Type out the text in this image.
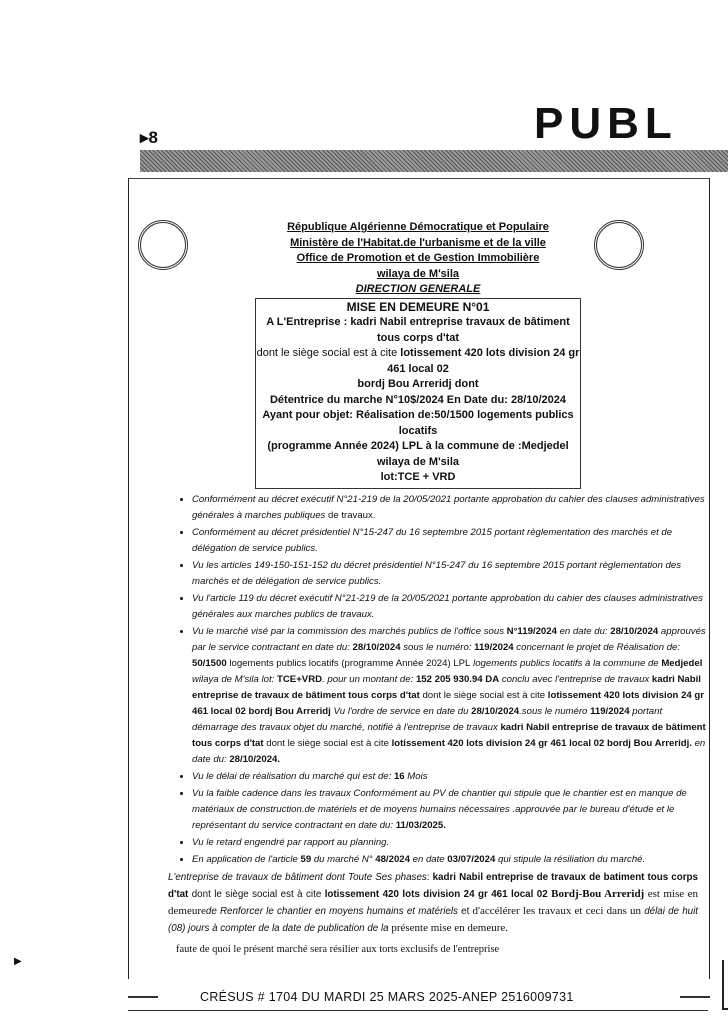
▸8	PUBL
République Algérienne Démocratique et Populaire
Ministère de l'Habitat.de l'urbanisme et de la ville
Office de Promotion et de Gestion Immobilière
wilaya de M'sila
DIRECTION GENERALE
MISE EN DEMEURE N°01
A L'Entreprise : kadri Nabil entreprise travaux de bâtiment tous corps d'tat
dont le siège social est à cite lotissement 420 lots division 24 gr 461 local 02
bordj Bou Arreridj dont
Détentrice du marche N°10$/2024 En Date du: 28/10/2024
Ayant pour objet: Réalisation de:50/1500 logements publics locatifs
(programme Année 2024) LPL à la commune de :Medjedel wilaya de M'sila
lot:TCE + VRD
• Conformément au décret exécutif N°21-219 de la 20/05/2021 portante approbation du cahier des clauses administratives générales à marches publiques de travaux.
• Conformément au décret présidentiel N°15-247 du 16 septembre 2015 portant règlementation des marchés et de délégation de service publics.
• Vu les articles 149-150-151-152 du décret présidentiel N°15-247 du 16 septembre 2015 portant règlementation des marchés et de délégation de service publics.
• Vu l'article 119 du décret exécutif N°21-219 de la 20/05/2021 portante approbation du cahier des clauses administratives générales aux marches publics de travaux.
• Vu le marché visé par la commission des marchés publics de l'office sous N°119/2024 en date du: 28/10/2024 approuvés par le service contractant en date du: 28/10/2024 sous le numéro: 119/2024 concernant le projet de Réalisation de: 50/1500 logements publics locatifs (programme Année 2024) LPL logements publics locatifs à la commune de Medjedel wilaya de M'sila lot: TCE+VRD. pour un montant de: 152 205 930.94 DA conclu avec l'entreprise de travaux kadri Nabil entreprise de travaux de bâtiment tous corps d'tat dont le siège social est à cite lotissement 420 lots division 24 gr 461 local 02 bordj Bou Arreridj Vu l'ordre de service en date du 28/10/2024.sous le numéro 119/2024 portant démarrage des travaux objet du marché, notifié à l'entreprise de travaux kadri Nabil entreprise de travaux de bâtiment tous corps d'tat dont le siège social est à cite lotissement 420 lots division 24 gr 461 local 02 bordj Bou Arreridj. en date du: 28/10/2024.
• Vu le délai de réalisation du marché qui est de: 16 Mois
• Vu la faible cadence dans les travaux Conformément au PV de chantier qui stipule que le chantier est en manque de matériaux de construction.de matériels et de moyens humains nécessaires .approuvée par le bureau d'étude et le représentant du service contractant en date du: 11/03/2025.
• Vu le retard engendré par rapport au planning.
• En application de l'article 59 du marché N° 48/2024 en date 03/07/2024 qui stipule la résiliation du marché.
L'entreprise de travaux de bâtiment dont Toute Ses phases: kadri Nabil entreprise de travaux de batiment tous corps d'tat dont le siège social est à cite lotissement 420 lots division 24 gr 461 local 02 Bordj-Bou Arreridj est mise en demeurede Renforcer le chantier en moyens humains et matériels et d'accélérer les travaux et ceci dans un délai de huit (08) jours à compter de la date de publication de la présente mise en demeure.
faute de quoi le présent marché sera résilier aux torts exclusifs de l'entreprise
CRÉSUS # 1704 DU MARDI 25 MARS 2025-ANEP 2516009731
▶
